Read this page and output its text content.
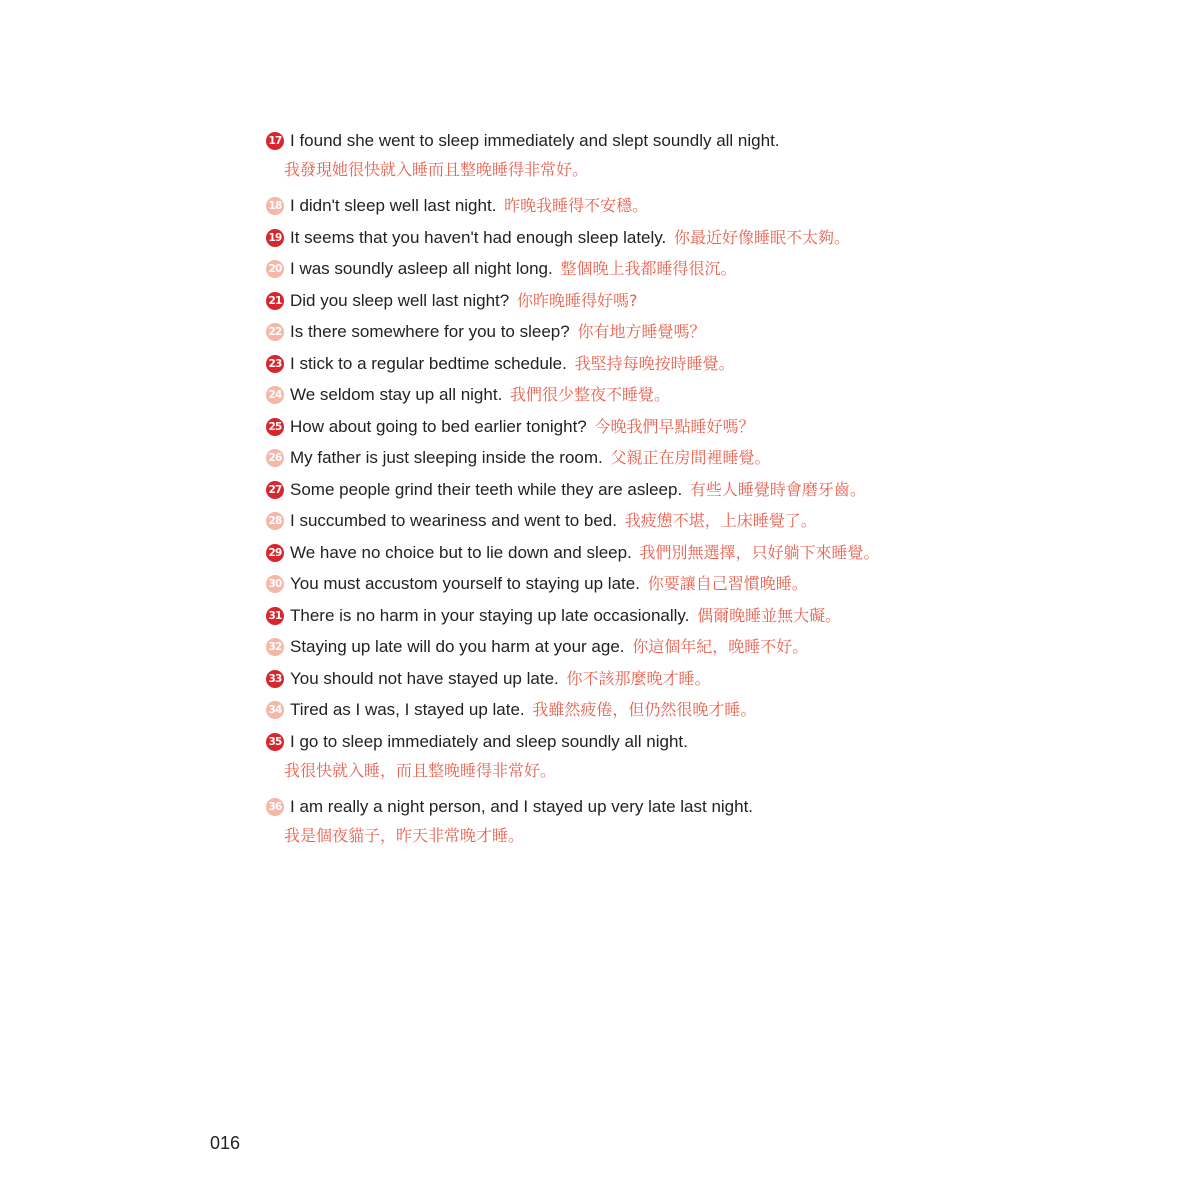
17 I found she went to sleep immediately and slept soundly all night.
我發現她很快就入睡而且整晚睡得非常好。
18 I didn't sleep well last night. 昨晚我睡得不安穩。
19 It seems that you haven't had enough sleep lately. 你最近好像睡眠不太夠。
20 I was soundly asleep all night long. 整個晚上我都睡得很沉。
21 Did you sleep well last night? 你昨晚睡得好嗎?
22 Is there somewhere for you to sleep? 你有地方睡覺嗎？
23 I stick to a regular bedtime schedule. 我堅持每晚按時睡覺。
24 We seldom stay up all night. 我們很少整夜不睡覺。
25 How about going to bed earlier tonight? 今晚我們早點睡好嗎？
26 My father is just sleeping inside the room. 父親正在房間裡睡覺。
27 Some people grind their teeth while they are asleep. 有些人睡覺時會磨牙齒。
28 I succumbed to weariness and went to bed. 我疲憊不堪，上床睡覺了。
29 We have no choice but to lie down and sleep. 我們別無選擇，只好躺下來睡覺。
30 You must accustom yourself to staying up late. 你要讓自己習慣晚睡。
31 There is no harm in your staying up late occasionally. 偶爾晚睡並無大礙。
32 Staying up late will do you harm at your age. 你這個年紀，晚睡不好。
33 You should not have stayed up late. 你不該那麼晚才睡。
34 Tired as I was, I stayed up late. 我雖然疲倦，但仍然很晚才睡。
35 I go to sleep immediately and sleep soundly all night.
我很快就入睡，而且整晚睡得非常好。
36 I am really a night person, and I stayed up very late last night.
我是個夜貓子，昨天非常晚才睡。
016
